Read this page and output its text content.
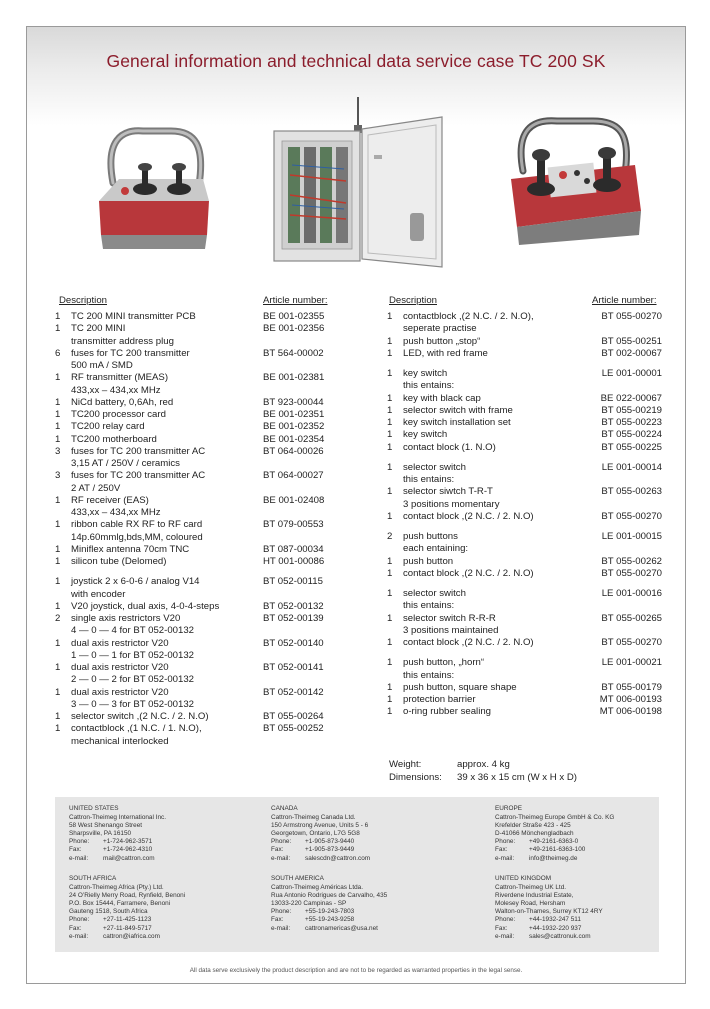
General information and technical data service case TC 200 SK
Description	Article number:
1 TC 200 MINI transmitter PCB	BE 001-02355
1 TC 200 MINI	BE 001-02356
transmitter address plug
6 fuses for TC 200 transmitter	BT 564-00002
500 mA / SMD
1 RF transmitter (MEAS)	BE 001-02381
433,xx – 434,xx MHz
1 NiCd battery, 0,6Ah, red	BT 923-00044
1 TC200 processor card	BE 001-02351
1 TC200 relay card	BE 001-02352
1 TC200 motherboard	BE 001-02354
3 fuses for TC 200 transmitter AC	BT 064-00026
3,15 AT / 250V / ceramics
3 fuses for TC 200 transmitter AC	BT 064-00027
2 AT / 250V
1 RF receiver (EAS)	BE 001-02408
433,xx – 434,xx MHz
1 ribbon cable RX RF to RF card	BT 079-00553
14p.60mmlg,bds,MM, coloured
1 Miniflex antenna 70cm TNC	BT 087-00034
1 silicon tube (Delomed)	HT 001-00086
1 joystick 2 x 6-0-6 / analog V14	BT 052-00115
with encoder
1 V20 joystick, dual axis, 4-0-4-steps	BT 052-00132
2 single axis restrictors V20	BT 052-00139
4 — 0 — 4 for BT 052-00132
1 dual axis restrictor V20	BT 052-00140
1 — 0 — 1 for BT 052-00132
1 dual axis restrictor V20	BT 052-00141
2 — 0 — 2 for BT 052-00132
1 dual axis restrictor V20	BT 052-00142
3 — 0 — 3 for BT 052-00132
1 selector switch ,(2 N.C. / 2. N.O)	BT 055-00264
1 contactblock ,(1 N.C. / 1. N.O),	BT 055-00252
mechanical interlocked
Description	Article number:
1 contactblock ,(2 N.C. / 2. N.O),	BT 055-00270
seperate practise
1 push button „stop“	BT 055-00251
1 LED, with red frame	BT 002-00067
1 key switch	LE 001-00001
this entains:
1 key with black cap	BE 022-00067
1 selector switch with frame	BT 055-00219
1 key switch installation set	BT 055-00223
1 key switch	BT 055-00224
1 contact block (1. N.O)	BT 055-00225
1 selector switch	LE 001-00014
this entains:
1 selector siwtch T-R-T	BT 055-00263
3 positions momentary
1 contact block ,(2 N.C. / 2. N.O)	BT 055-00270
2 push buttons	LE 001-00015
each entaining:
1 push button	BT 055-00262
1 contact block ,(2 N.C. / 2. N.O)	BT 055-00270
1 selector switch	LE 001-00016
this entains:
1 selector switch R-R-R	BT 055-00265
3 positions maintained
1 contact block ,(2 N.C. / 2. N.O)	BT 055-00270
1 push button, „horn“	LE 001-00021
this entains:
1 push button, square shape	BT 055-00179
1 protection barrier	MT 006-00193
1 o-ring rubber sealing	MT 006-00198
Weight:	approx. 4 kg
Dimensions: 39 x 36 x 15 cm (W x H x D)
UNITED STATES
Cattron-Theimeg International Inc.
58 West Shenango Street
Sharpsville, PA 16150
Phone: +1-724-962-3571
Fax:	+1-724-962-4310
e-mail: mail@cattron.com
CANADA
Cattron-Theimeg Canada Ltd.
150 Armstrong Avenue, Units 5 - 6
Georgetown, Ontario, L7G 5G8
Phone: +1-905-873-9440
Fax:	+1-905-873-9449
e-mail: salescdn@cattron.com
EUROPE
Cattron-Theimeg Europe GmbH & Co. KG
Krefelder Straße 423 - 425
D-41066 Mönchengladbach
Phone: +49-2161-6363-0
Fax:	+49-2161-6363-100
e-mail: info@theimeg.de
SOUTH AFRICA
Cattron-Theimeg Africa (Pty.) Ltd.
24 O’Rielly Merry Road, Rynfield, Benoni
P.O. Box 15444, Farramere, Benoni
Gauteng 1518, South Africa
Phone: +27-11-425-1123
Fax:	+27-11-849-5717
e-mail: cattron@iafrica.com
SOUTH AMERICA
Cattron-Theimeg Américas Ltda.
Rua Antonio Rodrigues de Carvalho, 435
13033-220 Campinas - SP
Phone: +55-19-243-7803
Fax:	+55-19-243-9258
e-mail: cattronamericas@usa.net
UNITED KINGDOM
Cattron-Theimeg UK Ltd.
Riverdene Industrial Estate,
Molesey Road, Hersham
Walton-on-Thames, Surrey KT12 4RY
Phone: +44-1932-247 511
Fax:	+44-1932-220 937
e-mail: sales@cattronuk.com
All data serve exclusively the product description and are not to be regarded as warranted properties in the legal sense.
